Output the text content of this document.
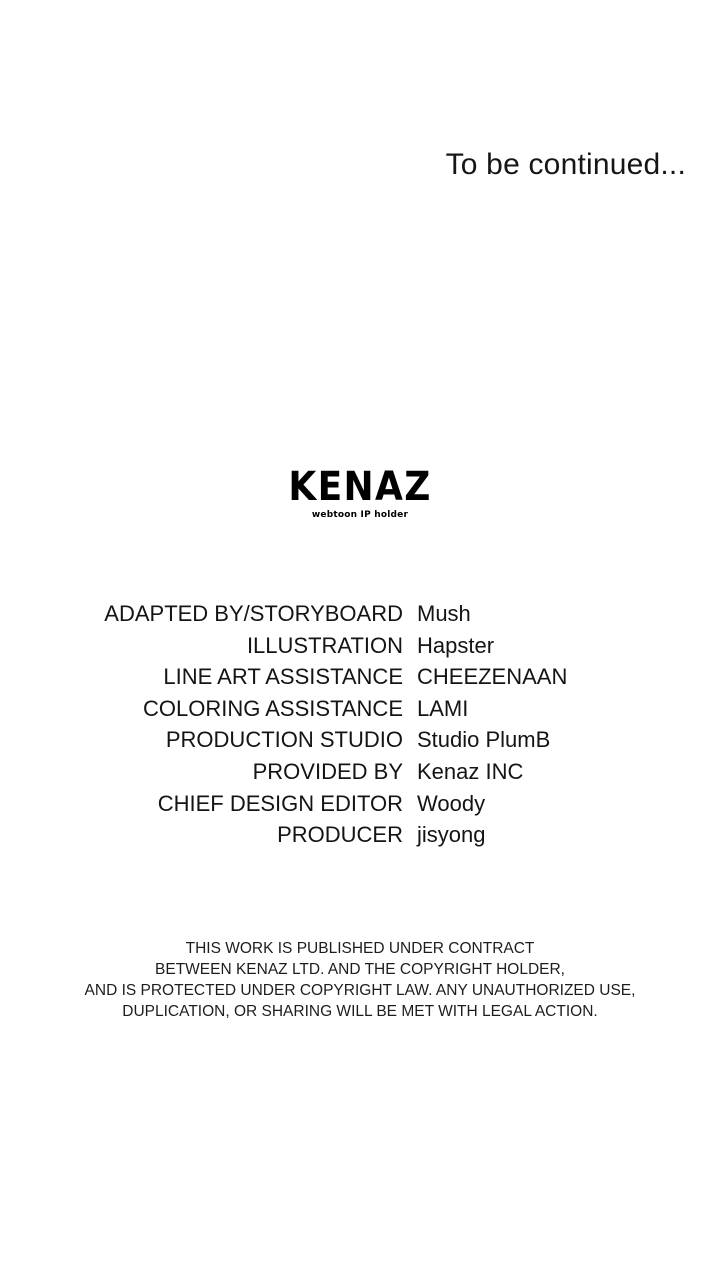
To be continued...
KENAZ
webtoon IP holder
ADAPTED BY/STORYBOARD Mush
ILLUSTRATION Hapster
LINE ART ASSISTANCE CHEEZENAAN
COLORING ASSISTANCE LAMI
PRODUCTION STUDIO Studio PlumB
PROVIDED BY Kenaz INC
CHIEF DESIGN EDITOR Woody
PRODUCER jisyong
THIS WORK IS PUBLISHED UNDER CONTRACT
BETWEEN KENAZ LTD. AND THE COPYRIGHT HOLDER,
AND IS PROTECTED UNDER COPYRIGHT LAW. ANY UNAUTHORIZED USE,
DUPLICATION, OR SHARING WILL BE MET WITH LEGAL ACTION.
